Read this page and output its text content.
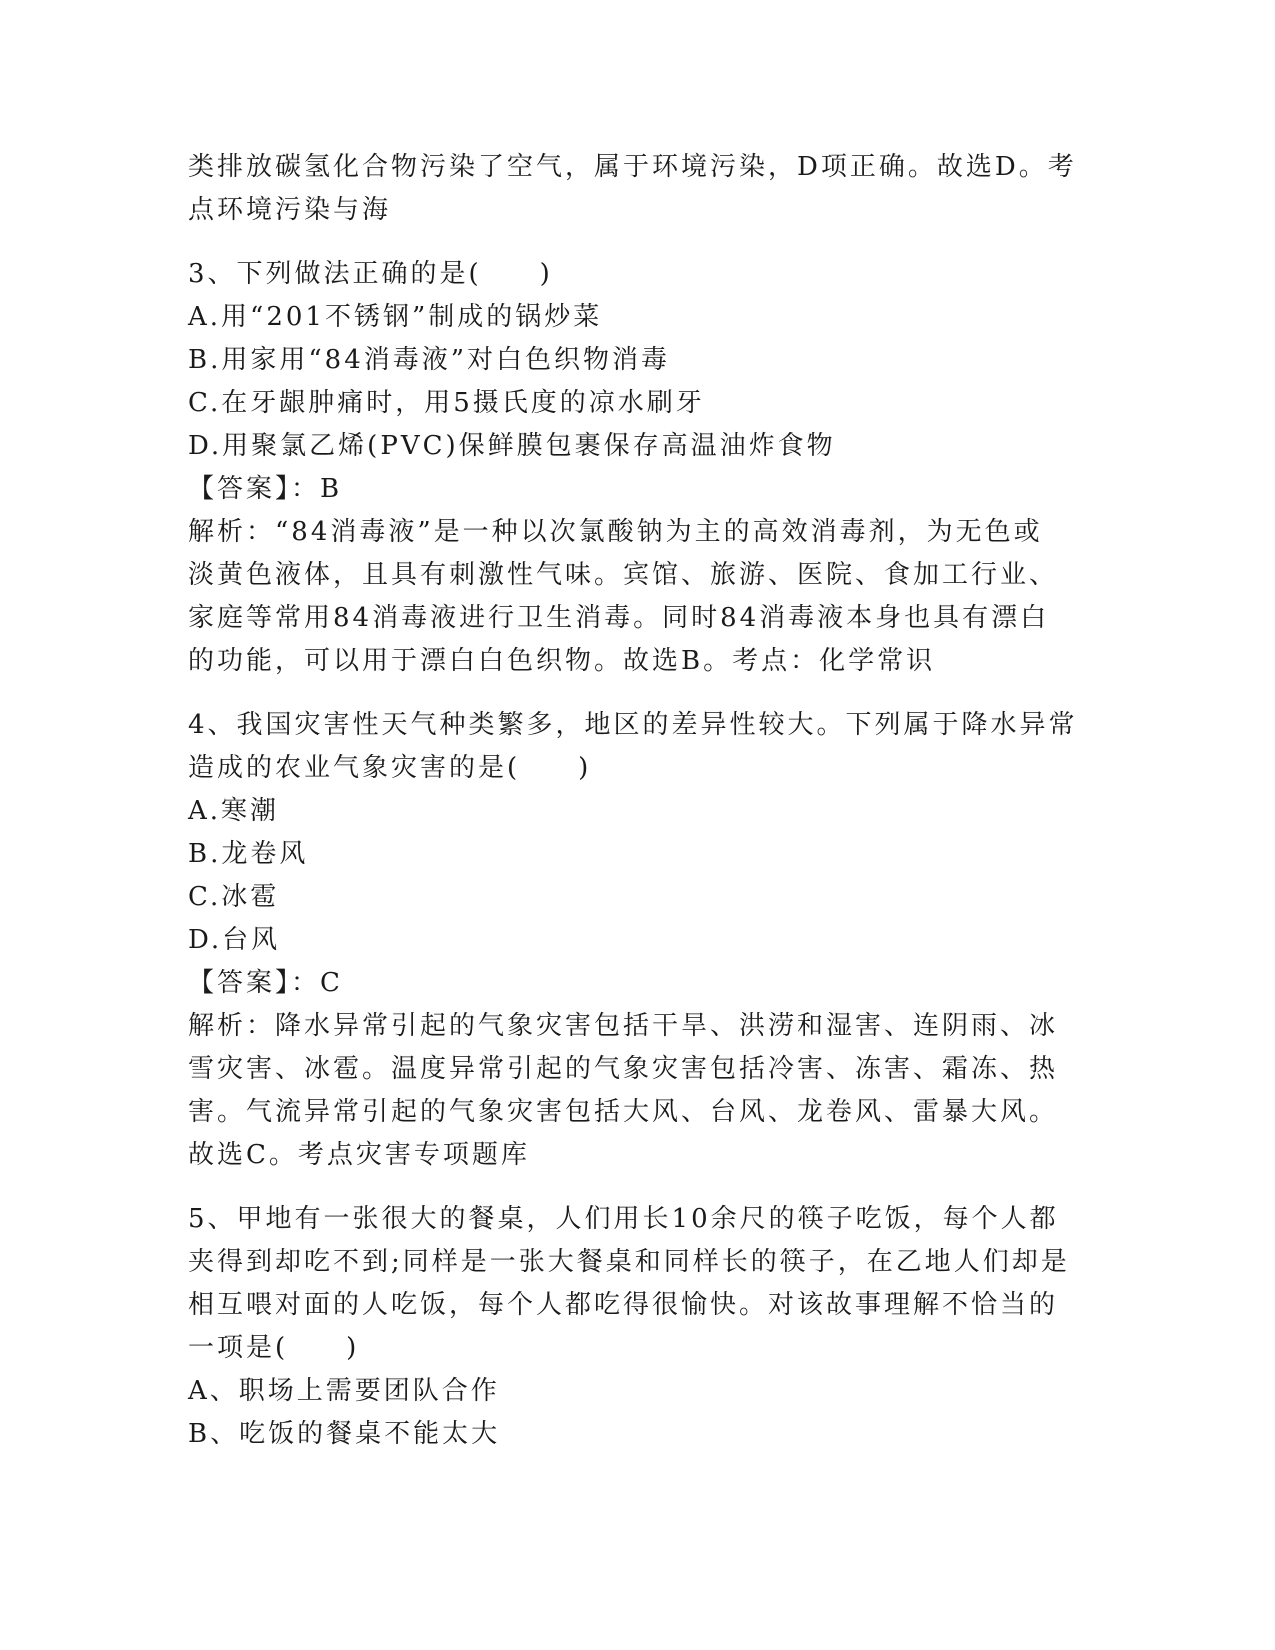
类排放碳氢化合物污染了空气，属于环境污染，D项正确。故选D。考
点环境污染与海
3、下列做法正确的是(　　)
A.用“201不锈钢”制成的锅炒菜
B.用家用“84消毒液”对白色织物消毒
C.在牙龈肿痛时，用5摄氏度的凉水刷牙
D.用聚氯乙烯(PVC)保鲜膜包裹保存高温油炸食物
【答案】：B
解析：“84消毒液”是一种以次氯酸钠为主的高效消毒剂，为无色或
淡黄色液体，且具有刺激性气味。宾馆、旅游、医院、食加工行业、
家庭等常用84消毒液进行卫生消毒。同时84消毒液本身也具有漂白
的功能，可以用于漂白白色织物。故选B。考点：化学常识
4、我国灾害性天气种类繁多，地区的差异性较大。下列属于降水异常
造成的农业气象灾害的是(　　)
A.寒潮
B.龙卷风
C.冰雹
D.台风
【答案】：C
解析：降水异常引起的气象灾害包括干旱、洪涝和湿害、连阴雨、冰
雪灾害、冰雹。温度异常引起的气象灾害包括冷害、冻害、霜冻、热
害。气流异常引起的气象灾害包括大风、台风、龙卷风、雷暴大风。
故选C。考点灾害专项题库
5、甲地有一张很大的餐桌，人们用长10余尺的筷子吃饭，每个人都
夹得到却吃不到;同样是一张大餐桌和同样长的筷子，在乙地人们却是
相互喂对面的人吃饭，每个人都吃得很愉快。对该故事理解不恰当的
一项是(　　)
A、职场上需要团队合作
B、吃饭的餐桌不能太大
